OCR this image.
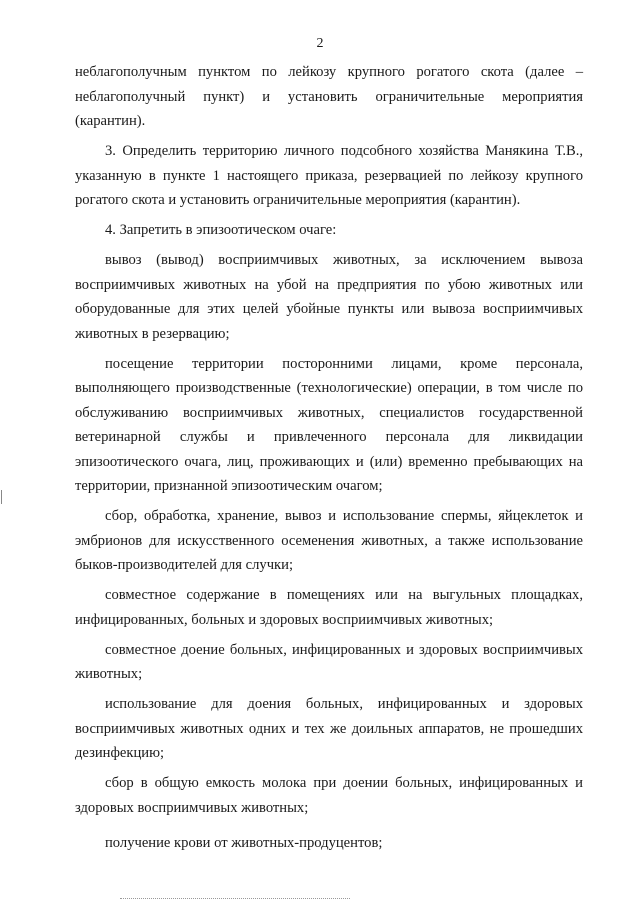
2

неблагополучным пунктом по лейкозу крупного рогатого скота (далее – неблагополучный пункт) и установить ограничительные мероприятия (карантин).

3. Определить территорию личного подсобного хозяйства Манякина Т.В., указанную в пункте 1 настоящего приказа, резервацией по лейкозу крупного рогатого скота и установить ограничительные мероприятия (карантин).

4. Запретить в эпизоотическом очаге:

вывоз (вывод) восприимчивых животных, за исключением вывоза восприимчивых животных на убой на предприятия по убою животных или оборудованные для этих целей убойные пункты или вывоза восприимчивых животных в резервацию;

посещение территории посторонними лицами, кроме персонала, выполняющего производственные (технологические) операции, в том числе по обслуживанию восприимчивых животных, специалистов государственной ветеринарной службы и привлеченного персонала для ликвидации эпизоотического очага, лиц, проживающих и (или) временно пребывающих на территории, признанной эпизоотическим очагом;

сбор, обработка, хранение, вывоз и использование спермы, яйцеклеток и эмбрионов для искусственного осеменения животных, а также использование быков-производителей для случки;

совместное содержание в помещениях или на выгульных площадках, инфицированных, больных и здоровых восприимчивых животных;

совместное доение больных, инфицированных и здоровых восприимчивых животных;

использование для доения больных, инфицированных и здоровых восприимчивых животных одних и тех же доильных аппаратов, не прошедших дезинфекцию;

сбор в общую емкость молока при доении больных, инфицированных и здоровых восприимчивых животных;

получение крови от животных-продуцентов;
